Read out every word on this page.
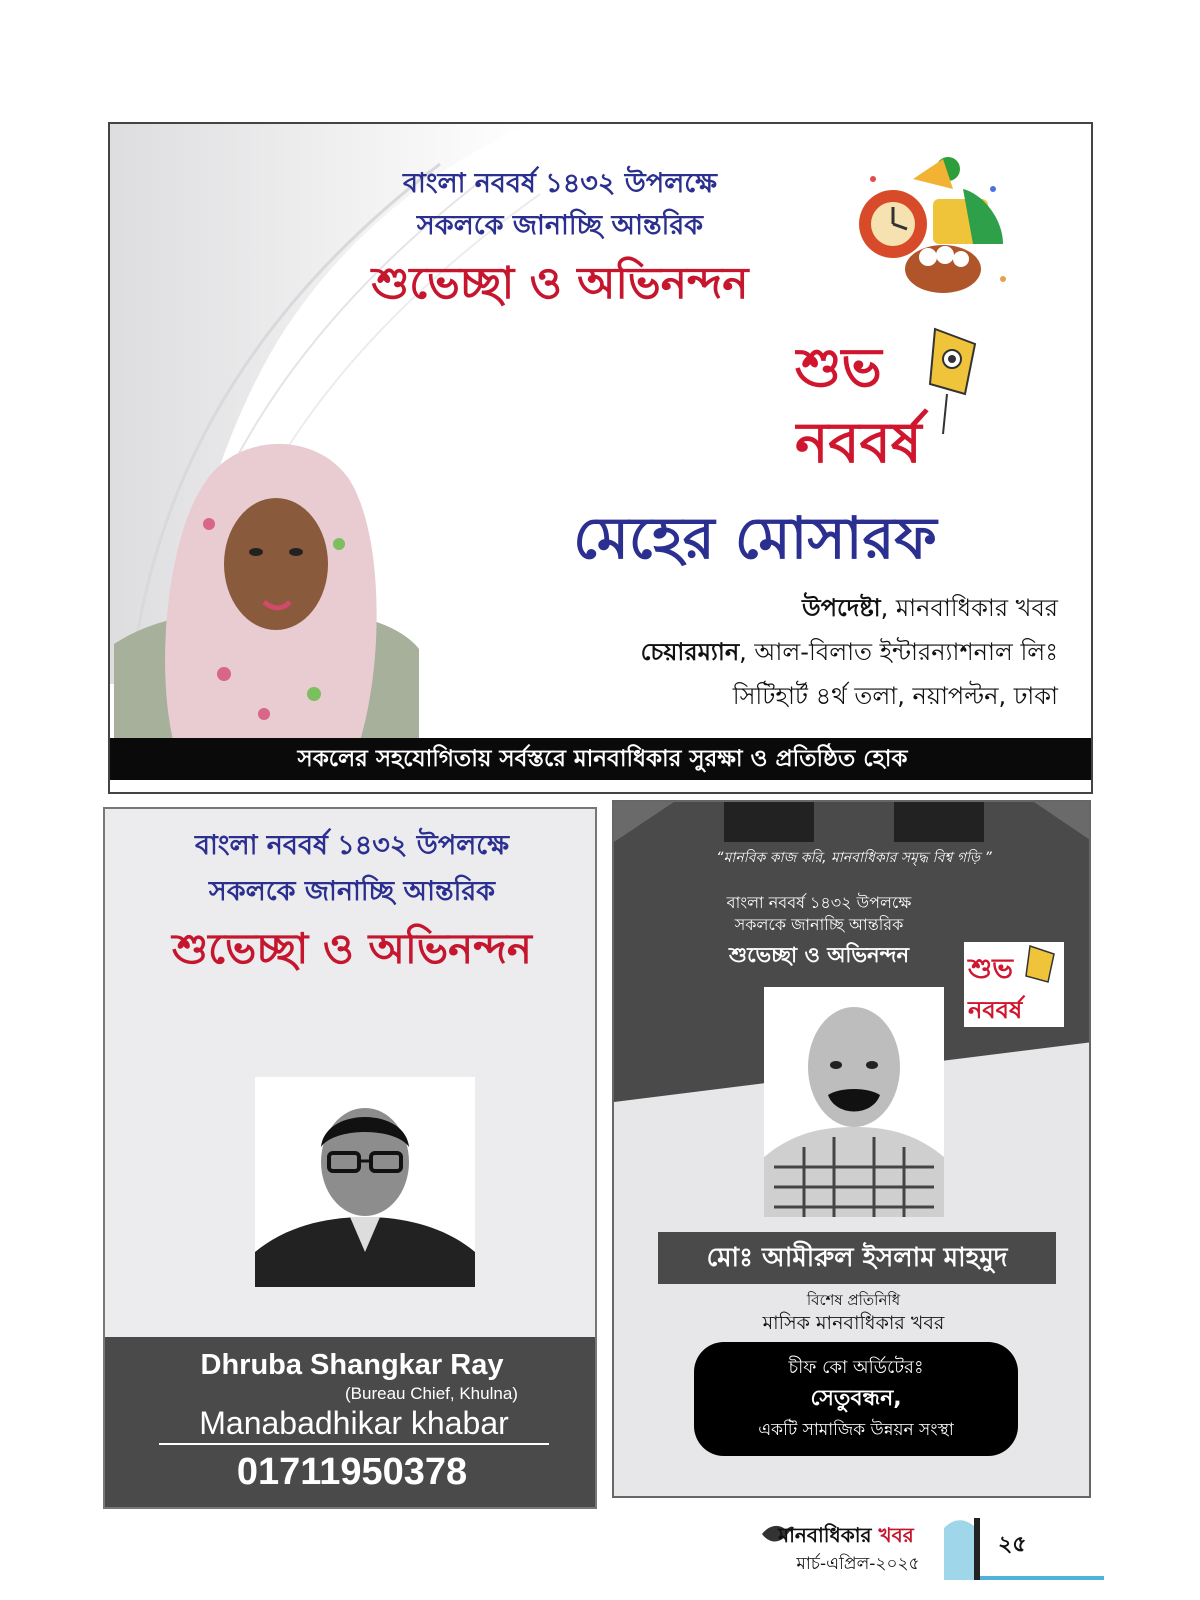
বাংলা নববর্ষ ১৪৩২ উপলক্ষে
সকলকে জানাচ্ছি আন্তরিক
শুভেচ্ছা ও অভিনন্দন
শুভ
নববর্ষ
মেহের মোসারফ
উপদেষ্টা, মানবাধিকার খবর
চেয়ারম্যান, আল-বিলাত ইন্টারন্যাশনাল লিঃ
সিটিহার্ট ৪র্থ তলা, নয়াপল্টন, ঢাকা
সকলের সহযোগিতায় সর্বস্তরে মানবাধিকার সুরক্ষা ও প্রতিষ্ঠিত হোক
বাংলা নববর্ষ ১৪৩২ উপলক্ষে
সকলকে জানাচ্ছি আন্তরিক
শুভেচ্ছা ও অভিনন্দন
Dhruba Shangkar Ray
(Bureau Chief, Khulna)
Manabadhikar khabar
01711950378
“মানবিক কাজ করি, মানবাধিকার সমৃদ্ধ বিশ্ব গড়ি ”
বাংলা নববর্ষ ১৪৩২ উপলক্ষে
সকলকে জানাচ্ছি আন্তরিক
শুভেচ্ছা ও অভিনন্দন	শুভ
নববর্ষ
মোঃ আমীরুল ইসলাম মাহমুদ
বিশেষ প্রতিনিধি
মাসিক মানবাধিকার খবর
চীফ কো অর্ডিটেরঃ
সেতুবন্ধন,
একটি সামাজিক উন্নয়ন সংস্থা
মানবাধিকার খবর
মার্চ-এপ্রিল-২০২৫
২৫
